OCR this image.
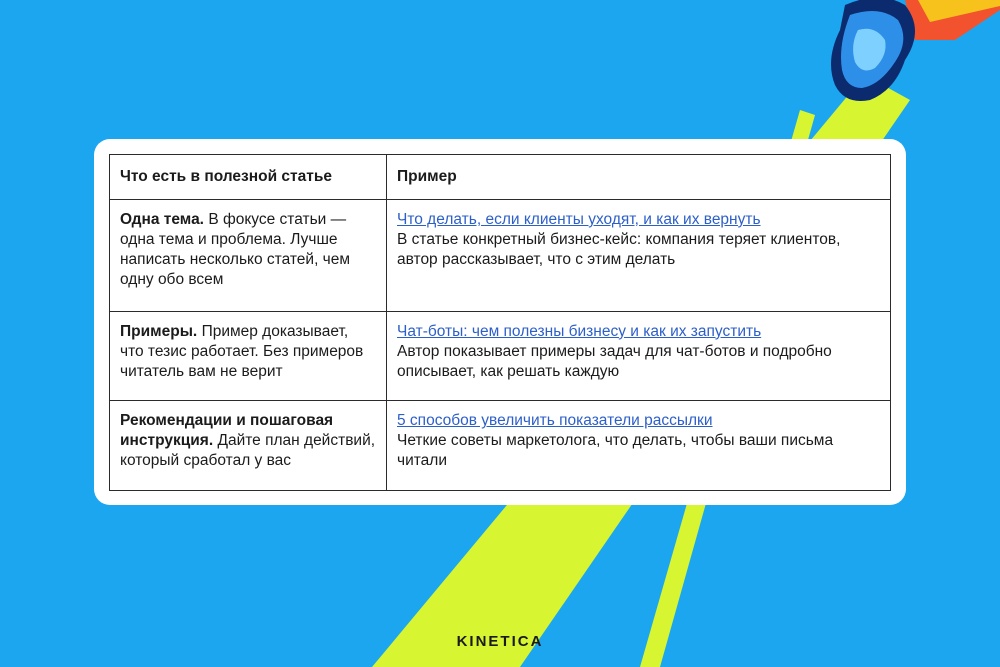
Что есть в полезной статье	Пример
Одна тема. В фокусе статьи — одна тема и проблема. Лучше написать несколько статей, чем одну обо всем	Что делать, если клиенты уходят, и как их вернуть
В статье конкретный бизнес-кейс: компания теряет клиентов, автор рассказывает, что с этим делать
Примеры. Пример доказывает, что тезис работает. Без примеров читатель вам не верит	Чат-боты: чем полезны бизнесу и как их запустить
Автор показывает примеры задач для чат-ботов и подробно описывает, как решать каждую
Рекомендации и пошаговая инструкция. Дайте план действий, который сработал у вас	5 способов увеличить показатели рассылки
Четкие советы маркетолога, что делать, чтобы ваши письма читали
KINETICA
